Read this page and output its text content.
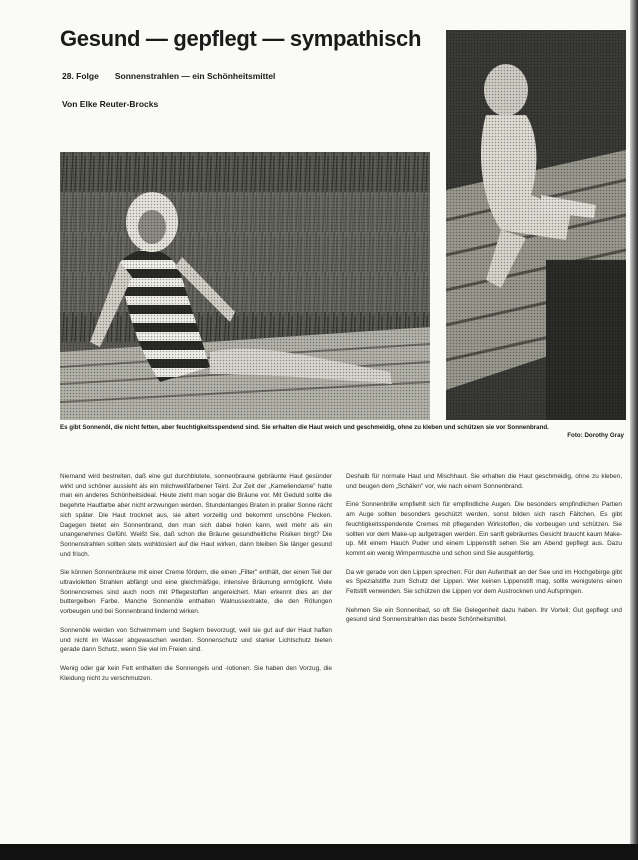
Gesund — gepflegt — sympathisch
28. Folge Sonnenstrahlen — ein Schönheitsmittel
Von Elke Reuter-Brocks
Es gibt Sonnenöl, die nicht fetten, aber feuchtigkeitsspendend sind. Sie erhalten die Haut weich und geschmeidig, ohne zu kleben und schützen sie vor Sonnenbrand.
Foto: Dorothy Gray

Niemand wird bestreiten, daß eine gut durchblutete, sonnenbraune gebräunte Haut gesünder wirkt und schöner aussieht als ein milchweißfarbener Teint. Zur Zeit der „Kameliendame" hatte man ein anderes Schönheitsideal. Heute zieht man sogar die Bräune vor. Mit Geduld sollte die begehrte Hautfarbe aber nicht erzwungen werden. Stundenlanges Braten in praller Sonne rächt sich später. Die Haut trocknet aus, sie altert vorzeitig und bekommt unschöne Flecken. Dagegen bietet ein Sonnenbrand, den man sich dabei holen kann, weit mehr als ein unangenehmes Gefühl. Weißt Sie, daß schon die Bräune gesundheitliche Risiken birgt? Die Sonnenstrahlen sollten stets wohldosiert auf die Haut wirken, dann bleiben Sie länger gesund und frisch.

Sie können Sonnenbräune mit einer Creme fördern, die einen „Filter" enthält, der einen Teil der ultravioletten Strahlen abfängt und eine gleichmäßige, intensive Bräunung ermöglicht. Viele Sonnencremes sind auch noch mit Pflegestoffen angereichert. Man erkennt dies an der buttergelben Farbe. Manche Sonnenöle enthalten Walnussextrakte, die den Rötungen vorbeugen und bei Sonnenbrand lindernd wirken.

Sonnenöle werden von Schwimmern und Seglern bevorzugt, weil sie gut auf der Haut haften und nicht im Wasser abgewaschen werden. Sonnenschutz und starker Lichtschutz bieten gerade dann Schutz, wenn Sie viel im Freien sind.

Wenig oder gar kein Fett enthalten die Sonnengels und -lotionen. Sie haben den Vorzug, die Kleidung nicht zu verschmutzen.

Deshalb für normale Haut und Mischhaut. Sie erhalten die Haut geschmeidig, ohne zu kleben, und beugen dem „Schälen" vor, wie nach einem Sonnenbrand.

Eine Sonnenbrille empfiehlt sich für empfindliche Augen. Die besonders empfindlichen Partien am Auge sollten besonders geschützt werden, sonst bilden sich rasch Fältchen. Es gibt feuchtigkeitsspendende Cremes mit pflegenden Wirkstoffen, die vorbeugen und schützen. Sie sollten vor dem Make-up aufgetragen werden. Ein sanft gebräuntes Gesicht braucht kaum Make-up. Mit einem Hauch Puder und einem Lippenstift sehen Sie am Abend gepflegt aus. Dazu kommt ein wenig Wimperntusche und schon sind Sie ausgehfertig.

Da wir gerade von den Lippen sprechen: Für den Aufenthalt an der See und im Hochgebirge gibt es Spezialstifte zum Schutz der Lippen. Wer keinen Lippenstift mag, sollte wenigstens einen Fettstift verwenden. Sie schützen die Lippen vor dem Austrocknen und Aufspringen.

Nehmen Sie ein Sonnenbad, so oft Sie Gelegenheit dazu haben. Ihr Vorteil: Gut gepflegt und gesund sind Sonnenstrahlen das beste Schönheitsmittel.
